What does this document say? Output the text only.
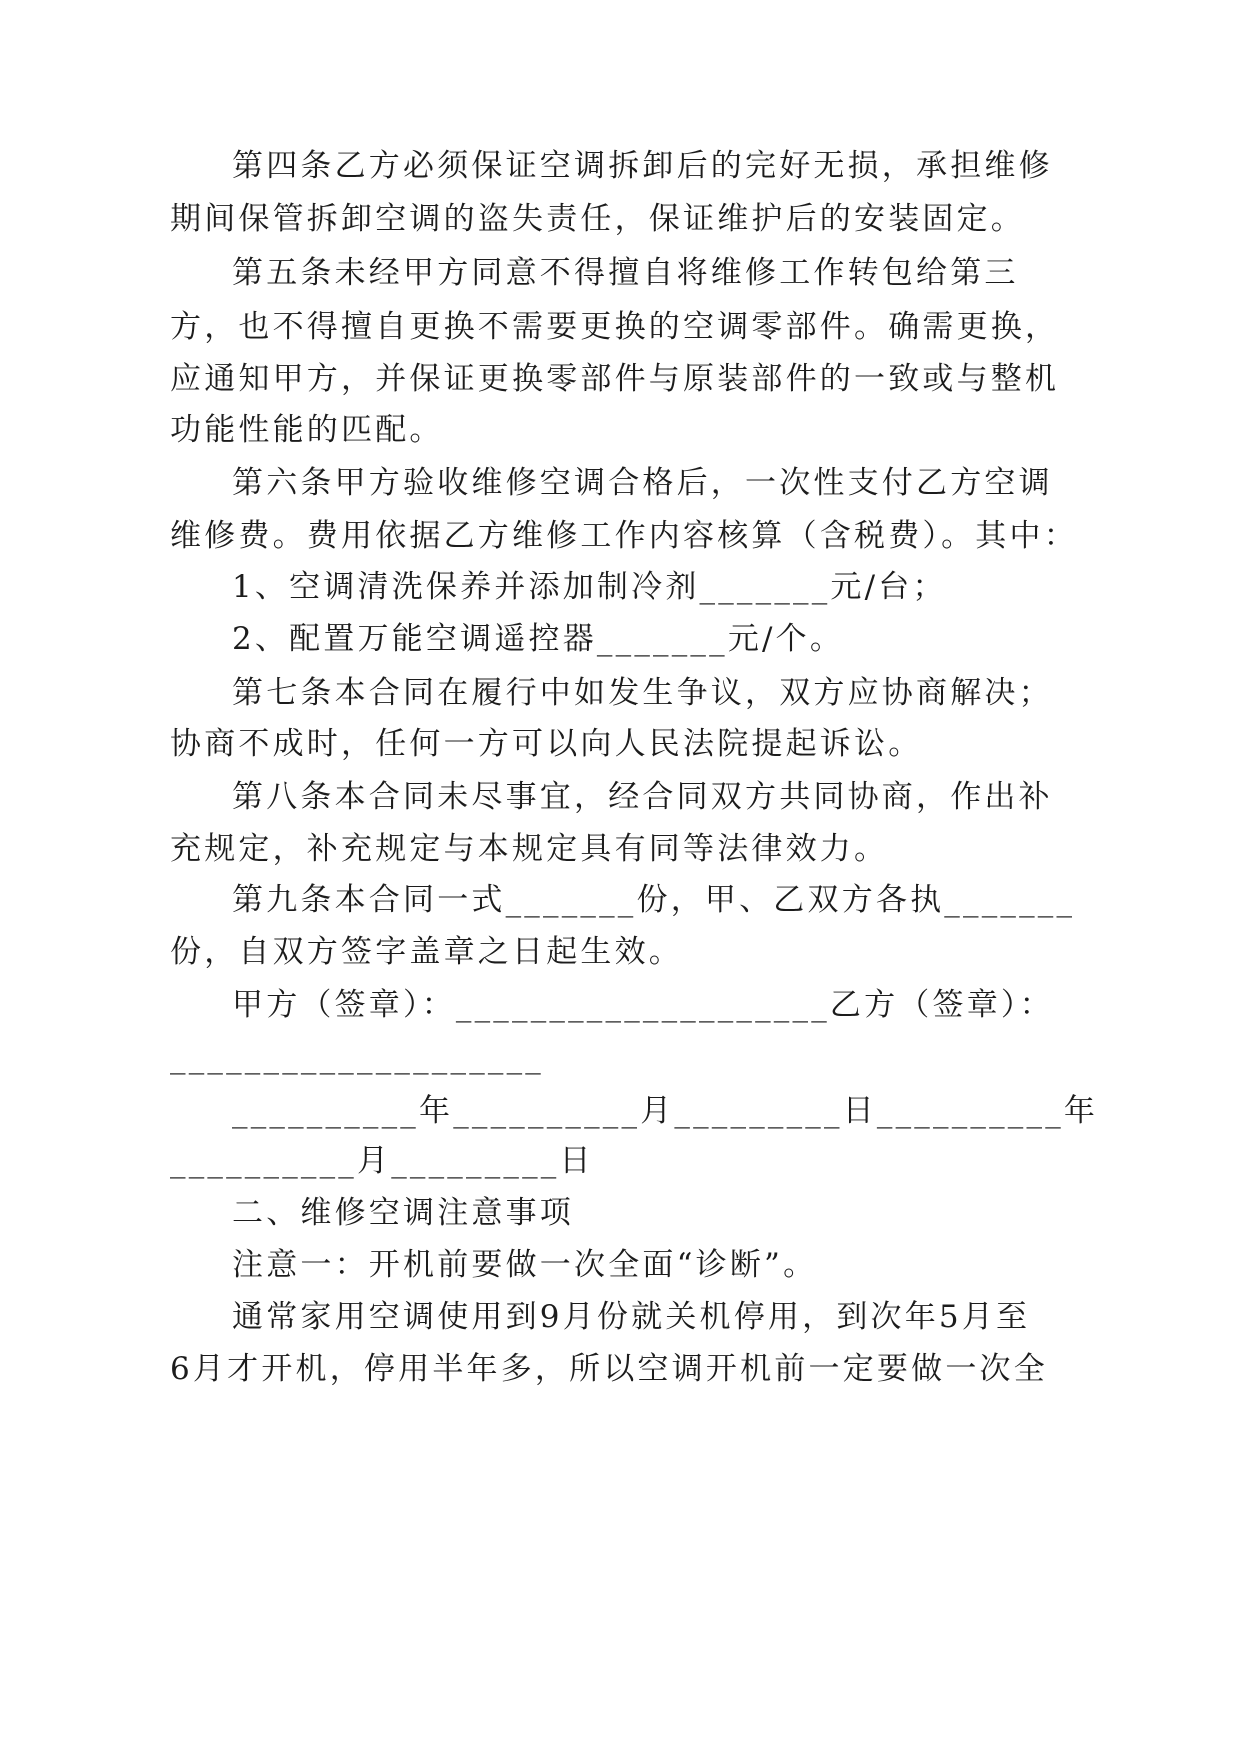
第四条乙方必须保证空调拆卸后的完好无损，承担维修
期间保管拆卸空调的盗失责任，保证维护后的安装固定。
第五条未经甲方同意不得擅自将维修工作转包给第三
方，也不得擅自更换不需要更换的空调零部件。确需更换，
应通知甲方，并保证更换零部件与原装部件的一致或与整机
功能性能的匹配。
第六条甲方验收维修空调合格后，一次性支付乙方空调
维修费。费用依据乙方维修工作内容核算（含税费）。其中：
1、空调清洗保养并添加制冷剂_______元/台；
2、配置万能空调遥控器_______元/个。
第七条本合同在履行中如发生争议，双方应协商解决；
协商不成时，任何一方可以向人民法院提起诉讼。
第八条本合同未尽事宜，经合同双方共同协商，作出补
充规定，补充规定与本规定具有同等法律效力。
第九条本合同一式_______份，甲、乙双方各执_______
份，自双方签字盖章之日起生效。
甲方（签章）：____________________乙方（签章）：
____________________
__________年__________月_________日__________年
__________月_________日
二、维修空调注意事项
注意一：开机前要做一次全面“诊断”。
通常家用空调使用到9月份就关机停用，到次年5月至
6月才开机，停用半年多，所以空调开机前一定要做一次全
